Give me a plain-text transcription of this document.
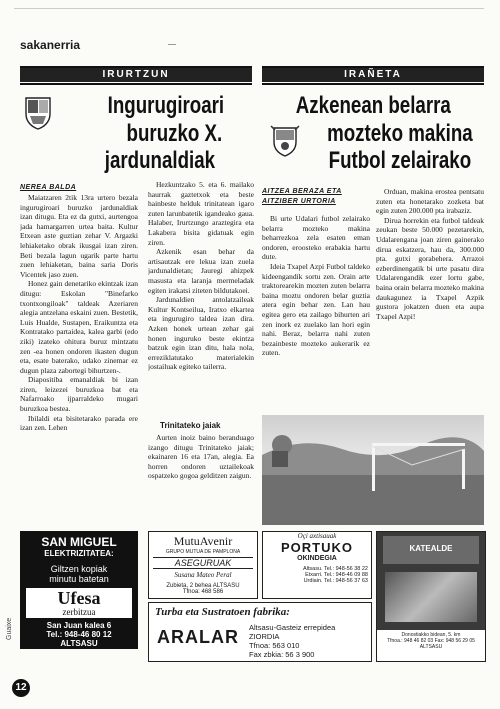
sakanerria
IRURTZUN
Ingurugiroari
buruzko X.
jardunaldiak
NEREA BALDA

Maiatzaren 2tik 13ra urtero bezala ingurugiroari buruzko jardunaldiak izan ditugu. Eta ez da gutxi, aurtengoa jada hamargarren urtea baita. Kultur Etxean aste guztian zehar V. Argazki lehiaketako obrak ikusgai izan ziren. Beti bezala lagun ugarik parte hartu zuen lehiaketan, baina saria Doris Vicentek jaso zuen.

Honez gain denetariko ekintzak izan ditugu: Eskolan "Binefarko txontxongiloak" taldeak Azeriaren alegia antzelana eskaini zuen. Bestetik, Luis Hualde, Sustapen, Eraikuntza eta Kontratako partaidea, kalea garbi (edo ziki) izateko ohitura buruz mintzatu zen -ea honen ondoren ikasten dugun eta, esate baterako, udako zinemar ez dugun plaza zabortegi bihurtzen-.

Diapositiba emanaldiak bi izan ziren, leizezei buruzkoa bat eta Nafarroako ijparraldeko mugari buruzkoa bestea.

Ibilaldi eta bisitetarako parada ere izan zen. Lehen

Hezkuntzako 5. eta 6. mailako haurrak gaztetxok eta beste hainbeste helduk trinitatean igaro zuten larunbatetik igandeako gaua. Halaber, Irurtzungo araztegira eta Lakabera bisita gidatuak egin ziren.

Azkenik esan behar da artisautzak ere lekua izan zuela jardunaldietan; Jauregi ahizpek masusta eta laranja mermeladak egiten irakatsi ziteten bildutakoei.

Jardunaldien antolatzaileak Kultur Kontseilua, Iratxo elkartea eta ingurugiro taldea izan dira. Azken honek urtean zehar gai honen inguruko beste ekintza batzuk egin izan ditu, hala nola, erreziklatutako materialekin jostailuak egiteko tailerra.

Trinitateko jaiak

Aurten inoiz baino beranduago izango ditugu Trinitateko jaiak; ekainaren 16 eta 17an, alegia. Ea horren ondoren uztailekoak ospatzeko gogoa gelditzen zaigun.

IRAÑETA
Azkenean belarra
mozteko makina
Futbol zelairako
AITZEA BERAZA ETA AITZIBER URTORIA

Bi urte Udalari futbol zelairako belarra mozteko makina beharrezkoa zela esaten eman ondoren, eroosteko erabakia hartu dute.

Ideia Txapel Azpi Futbol taldeko kideengandik sortu zen. Orain arte traktorearekin mozten zuten belarra baina moztu ondoren belar guztia atera egin behar zen. Lan hau egitea gero eta zailago bihurten ari zen inork ez zuelako lan hori egin nahi. Beraz, belarra nahi zuten bezainbeste mozteko aukerarik ez zuten.

Orduan, makina erostea pentsatu zuten eta honetarako zozketa bat egin zuten 200.000 pta irabaziz.

Dirua horrekin eta futbol taldeak zeukan beste 50.000 pezetarekin, Udalarengana joan ziren gainerako dirua eskatzera, hau da, 300.000 pta. gutxi gorabehera. Arrazoi ezberdinengatik bi urte pasatu dira Udalarengandik ezer lortu gabe, baina orain belarra mozteko makina daukagunez ia Txapel Azpik gustora jokatzen duen eta aupa Txapel Azpi!

SAN MIGUEL
ELEKTRIZITATEA:
Giltzen kopiak
minutu batetan
Ufesa
zerbitzua
San Juan kalea 6
Tel.: 948-46 80 12
ALTSASU
MutuAvenir
GRUPO MUTUA DE PAMPLONA
ASEGURUAK
Susana Mateo Peral
Zubieta, 2 behea ALTSASU
Tfnoa: 468 586
Oçi axtisauak
PORTUKO
OKINDEGIA
Altsasu. Tel.: 948-56 38 22
Etxarri. Tel.: 948-46 09 88
Urdiain. Tel.: 948-56 37 63
Turba eta Sustratoen fabrika:
ARALAR Altsasu-Gasteiz errepidea
ZIORDIA
Tfnoa: 563 010
Fax zbkia: 56 3 900
KATEALDE
Donostiakko bidean, 5. km
Tfnoa.: 948 46 82 03 Fax: 948 56 29 05
ALTSASU
Guaixe
12
